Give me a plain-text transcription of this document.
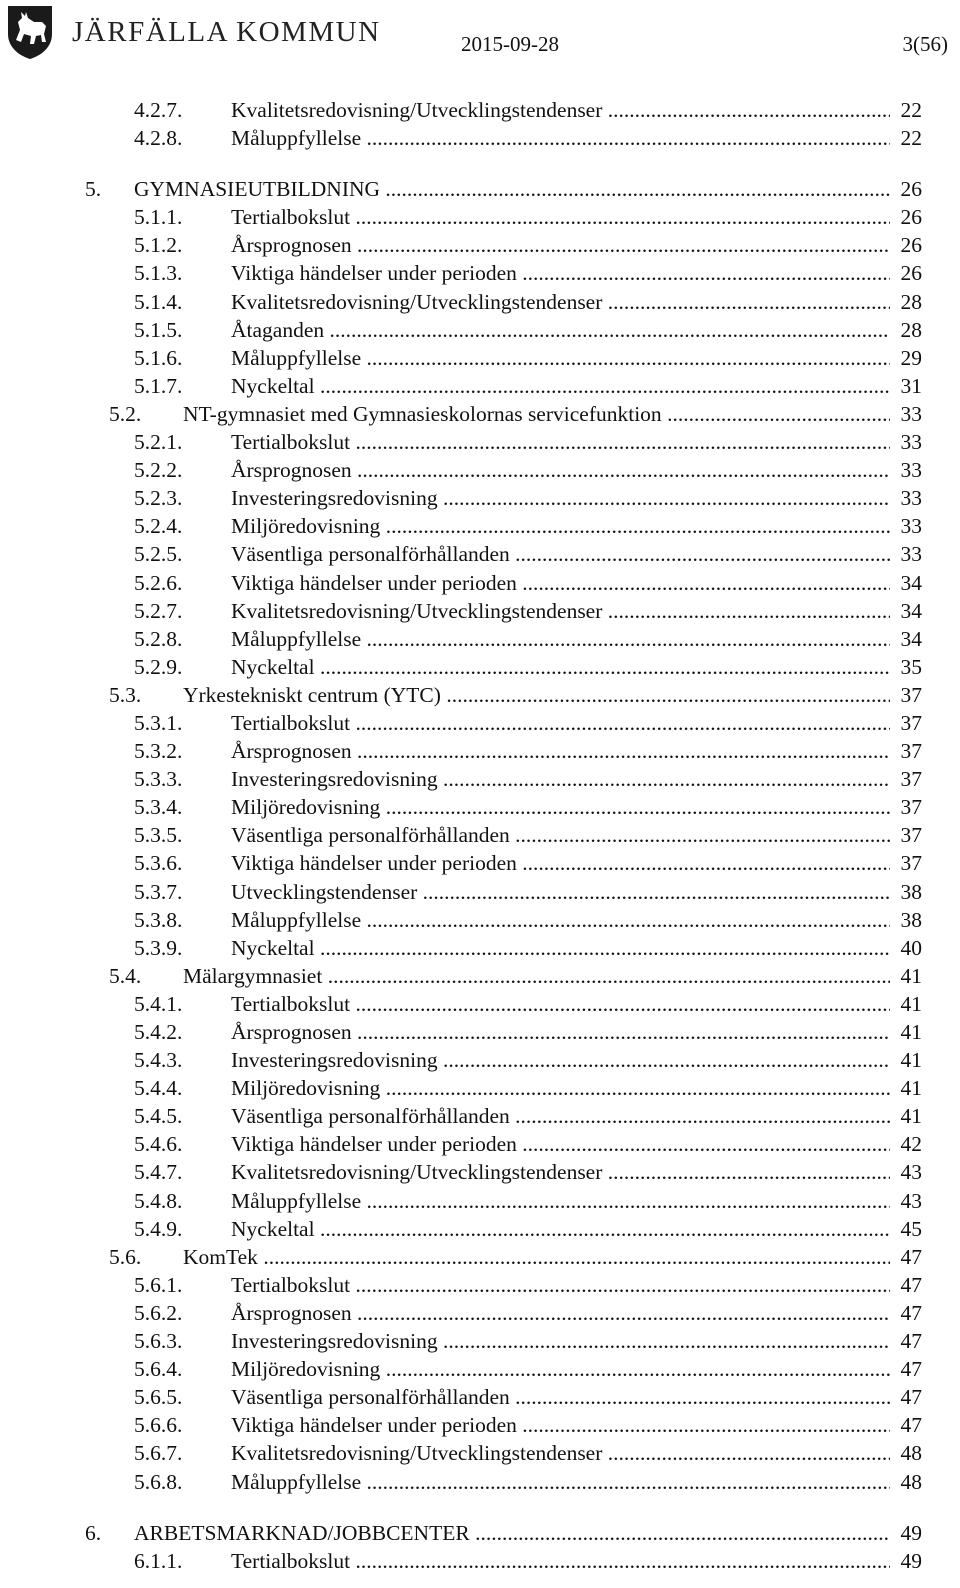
JÄRFÄLLA KOMMUN	2015-09-28	3(56)
4.2.7. Kvalitetsredovisning/Utvecklingstendenser .....	22
4.2.8. Måluppfyllelse .....	22
5. GYMNASIEUTBILDNING .....	26
5.1.1. Tertialbokslut .....	26
5.1.2. Årsprognosen .....	26
5.1.3. Viktiga händelser under perioden .....	26
5.1.4. Kvalitetsredovisning/Utvecklingstendenser .....	28
5.1.5. Åtaganden .....	28
5.1.6. Måluppfyllelse .....	29
5.1.7. Nyckeltal .....	31
5.2. NT-gymnasiet med Gymnasieskolornas servicefunktion .....	33
5.2.1. Tertialbokslut .....	33
5.2.2. Årsprognosen .....	33
5.2.3. Investeringsredovisning .....	33
5.2.4. Miljöredovisning .....	33
5.2.5. Väsentliga personalförhållanden .....	33
5.2.6. Viktiga händelser under perioden .....	34
5.2.7. Kvalitetsredovisning/Utvecklingstendenser .....	34
5.2.8. Måluppfyllelse .....	34
5.2.9. Nyckeltal .....	35
5.3. Yrkestekniskt centrum (YTC) .....	37
5.3.1. Tertialbokslut .....	37
5.3.2. Årsprognosen .....	37
5.3.3. Investeringsredovisning .....	37
5.3.4. Miljöredovisning .....	37
5.3.5. Väsentliga personalförhållanden .....	37
5.3.6. Viktiga händelser under perioden .....	37
5.3.7. Utvecklingstendenser .....	38
5.3.8. Måluppfyllelse .....	38
5.3.9. Nyckeltal .....	40
5.4. Mälargymnasiet .....	41
5.4.1. Tertialbokslut .....	41
5.4.2. Årsprognosen .....	41
5.4.3. Investeringsredovisning .....	41
5.4.4. Miljöredovisning .....	41
5.4.5. Väsentliga personalförhållanden .....	41
5.4.6. Viktiga händelser under perioden .....	42
5.4.7. Kvalitetsredovisning/Utvecklingstendenser .....	43
5.4.8. Måluppfyllelse .....	43
5.4.9. Nyckeltal .....	45
5.6. KomTek .....	47
5.6.1. Tertialbokslut .....	47
5.6.2. Årsprognosen .....	47
5.6.3. Investeringsredovisning .....	47
5.6.4. Miljöredovisning .....	47
5.6.5. Väsentliga personalförhållanden .....	47
5.6.6. Viktiga händelser under perioden .....	47
5.6.7. Kvalitetsredovisning/Utvecklingstendenser .....	48
5.6.8. Måluppfyllelse .....	48
6. ARBETSMARKNAD/JOBBCENTER .....	49
6.1.1. Tertialbokslut .....	49
